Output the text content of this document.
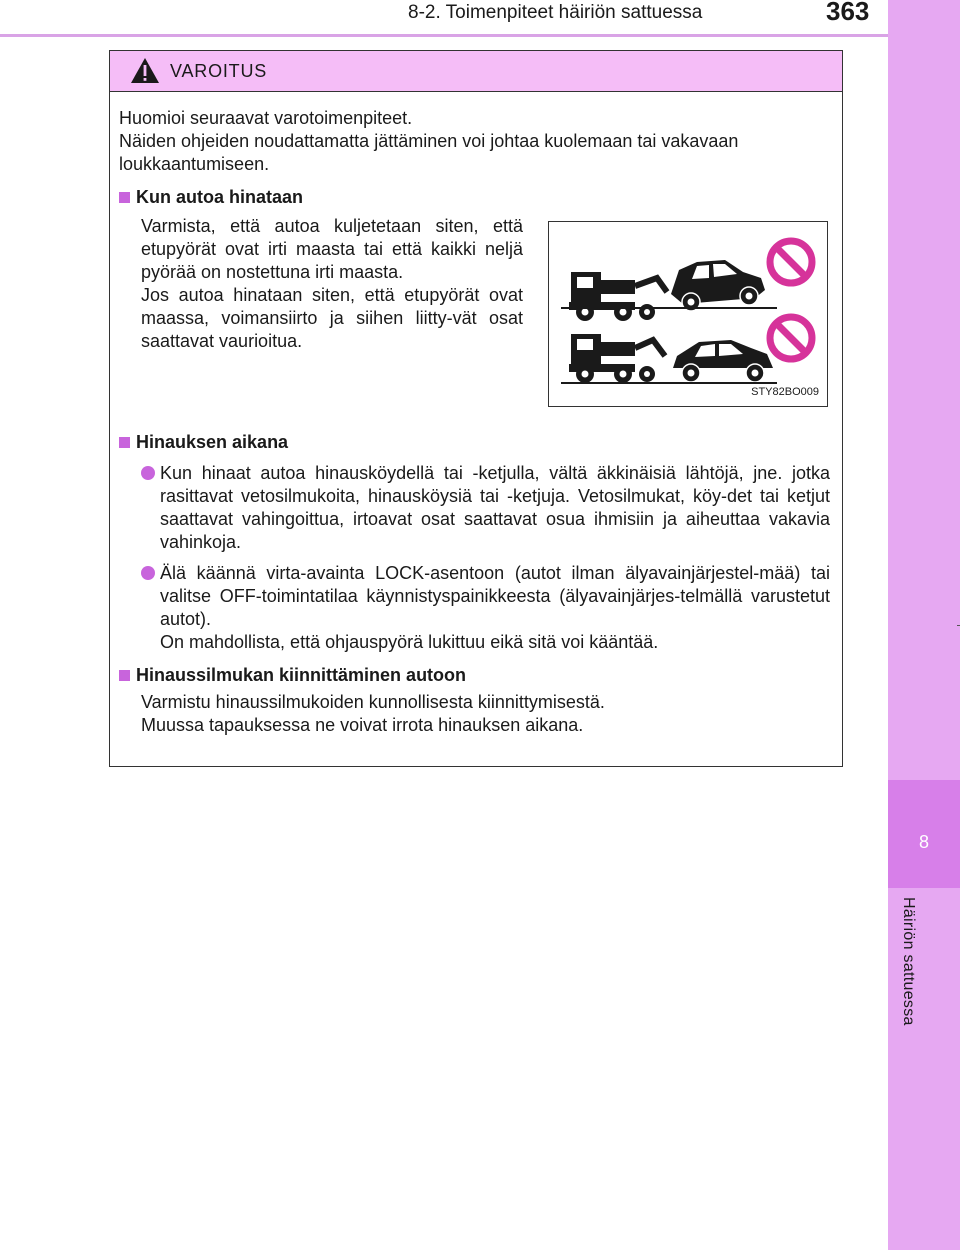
8-2. Toimenpiteet häiriön sattuessa	363
8
Häiriön sattuessa
VAROITUS

Huomioi seuraavat varotoimenpiteet.

Näiden ohjeiden noudattamatta jättäminen voi johtaa kuolemaan tai vakavaan loukkaantumiseen.

Kun autoa hinataan

Varmista, että autoa kuljetetaan siten, että etupyörät ovat irti maasta tai että kaikki neljä pyörää on nostettuna irti maasta.

Jos autoa hinataan siten, että etupyörät ovat maassa, voimansiirto ja siihen liitty-vät osat saattavat vaurioitua.

STY82BO009
Hinauksen aikana
Kun hinaat autoa hinausköydellä tai -ketjulla, vältä äkkinäisiä lähtöjä, jne. jotka rasittavat vetosilmukoita, hinausköysiä tai -ketjuja. Vetosilmukat, köy-det tai ketjut saattavat vahingoittua, irtoavat osat saattavat osua ihmisiin ja aiheuttaa vakavia vahinkoja.

Älä käännä virta-avainta LOCK-asentoon (autot ilman älyavainjärjestel-mää) tai valitse OFF-toimintatilaa käynnistyspainikkeesta (älyavainjärjes-telmällä varustetut autot).

On mahdollista, että ohjauspyörä lukittuu eikä sitä voi kääntää.

Hinaussilmukan kiinnittäminen autoon

Varmistu hinaussilmukoiden kunnollisesta kiinnittymisestä.

Muussa tapauksessa ne voivat irrota hinauksen aikana.
